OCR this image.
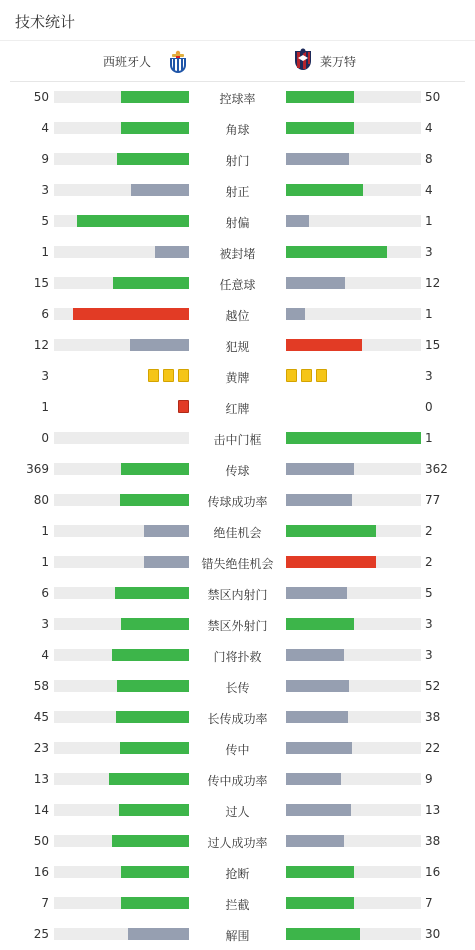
技术统计
西班牙人	莱万特
50	控球率	50
4	角球	4
9	射门	8
3	射正	4
5	射偏	1
1	被封堵	3
15	任意球	12
6	越位	1
12	犯规	15
3	黄牌	3
1	红牌	0
0	击中门框	1
369	传球	362
80	传球成功率	77
1	绝佳机会	2
1	错失绝佳机会	2
6	禁区内射门	5
3	禁区外射门	3
4	门将扑救	3
58	长传	52
45	长传成功率	38
23	传中	22
13	传中成功率	9
14	过人	13
50	过人成功率	38
16	抢断	16
7	拦截	7
25	解围	30
